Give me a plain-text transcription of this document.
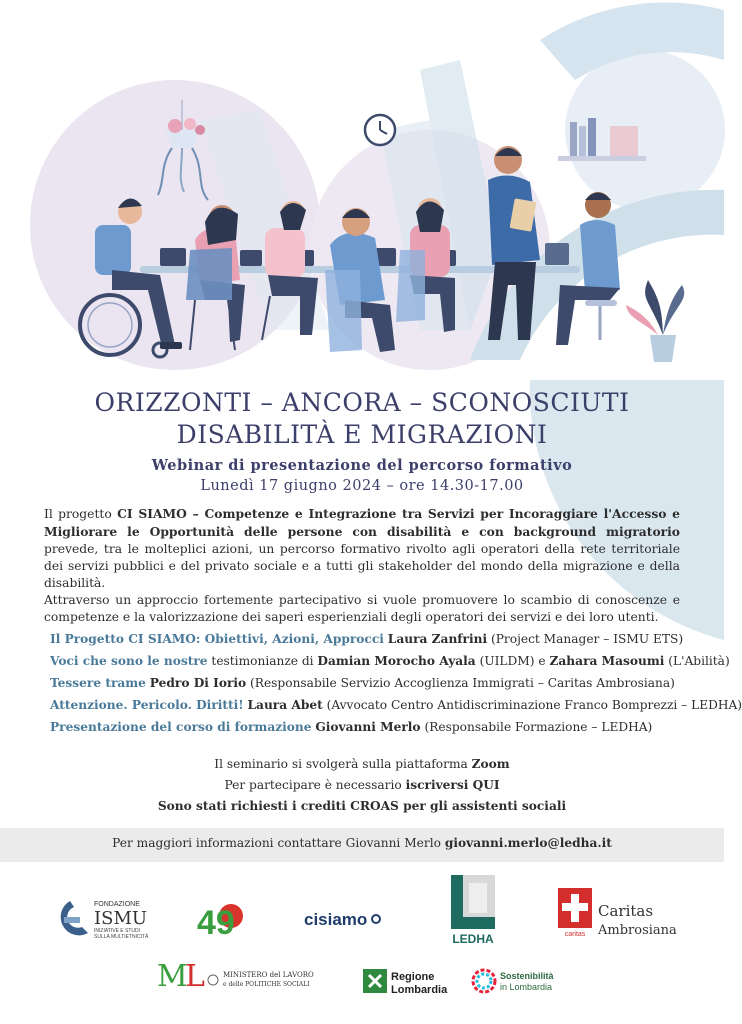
ORIZZONTI – ANCORA – SCONOSCIUTI
DISABILITÀ E MIGRAZIONI
Webinar di presentazione del percorso formativo
Lunedì 17 giugno 2024 – ore 14.30-17.00
Il progetto CI SIAMO – Competenze e Integrazione tra Servizi per Incoraggiare l'Accesso e Migliorare le Opportunità delle persone con disabilità e con background migratorio prevede, tra le molteplici azioni, un percorso formativo rivolto agli operatori della rete territoriale dei servizi pubblici e del privato sociale e a tutti gli stakeholder del mondo della migrazione e della disabilità.
Attraverso un approccio fortemente partecipativo si vuole promuovere lo scambio di conoscenze e competenze e la valorizzazione dei saperi esperienziali degli operatori dei servizi e dei loro utenti.
Il Progetto CI SIAMO: Obiettivi, Azioni, Approcci Laura Zanfrini (Project Manager – ISMU ETS)
Voci che sono le nostre testimonianze di Damian Morocho Ayala (UILDM) e Zahara Masoumi (L'Abilità)
Tessere trame Pedro Di Iorio (Responsabile Servizio Accoglienza Immigrati – Caritas Ambrosiana)
Attenzione. Pericolo. Diritti! Laura Abet (Avvocato Centro Antidiscriminazione Franco Bomprezzi – LEDHA)
Presentazione del corso di formazione Giovanni Merlo (Responsabile Formazione – LEDHA)
Il seminario si svolgerà sulla piattaforma Zoom
Per partecipare è necessario iscriversi QUI
Sono stati richiesti i crediti CROAS per gli assistenti sociali
Per maggiori informazioni contattare Giovanni Merlo giovanni.merlo@ledha.it
FONDAZIONE
ISMU
INIZIATIVE E STUDI
SULLA MULTIETNICITÀ 49	cisiamo
LEDHA	caritas
Caritas
Ambrosiana
M
L	MINISTERO del LAVORO
e delle POLITICHE SOCIALI
Regione
Lombardia
Sostenibilità
in Lombardia
